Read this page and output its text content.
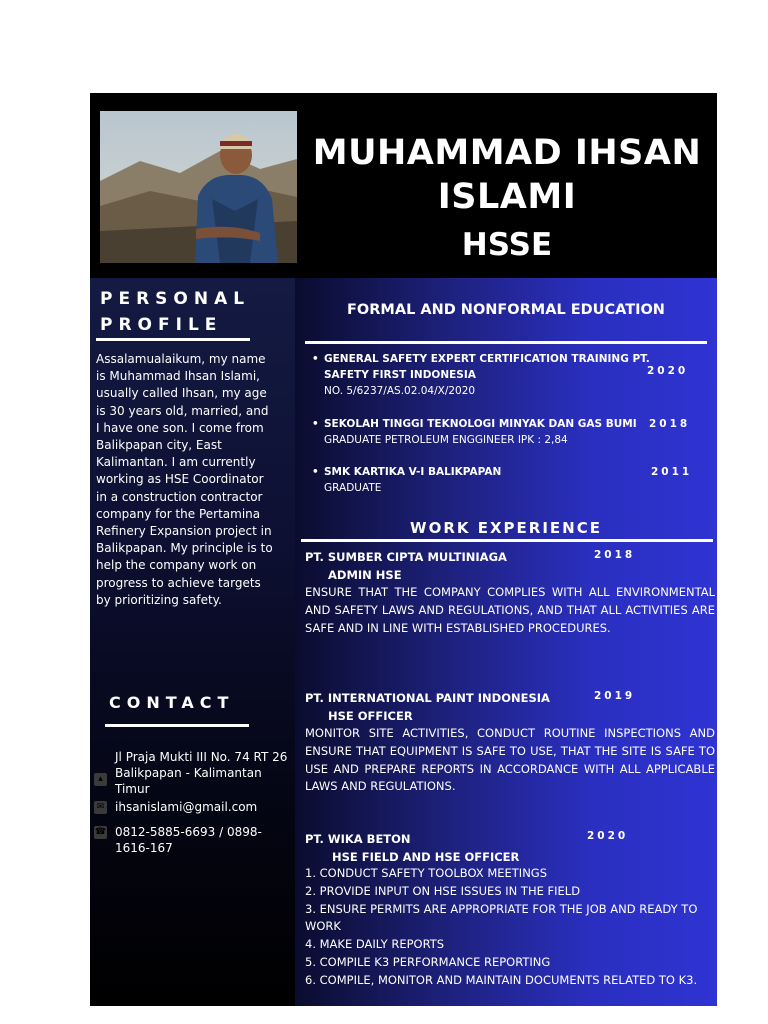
MUHAMMAD IHSAN
ISLAMI
HSSE
PERSONAL
PROFILE
Assalamualaikum, my name is Muhammad Ihsan Islami, usually called Ihsan, my age is 30 years old, married, and I have one son. I come from Balikpapan city, East Kalimantan. I am currently working as HSE Coordinator in a construction contractor company for the Pertamina Refinery Expansion project in Balikpapan. My principle is to help the company work on progress to achieve targets by prioritizing safety.
CONTACT
▴
Jl Praja Mukti III No. 74 RT 26 Balikpapan - Kalimantan Timur
✉ ihsanislami@gmail.com
☎ 0812-5885-6693 / 0898-1616-167
FORMAL AND NONFORMAL EDUCATION
• GENERAL SAFETY EXPERT CERTIFICATION TRAINING PT. SAFETY FIRST INDONESIA
NO. 5/6237/AS.02.04/X/2020
2020
• SEKOLAH TINGGI TEKNOLOGI MINYAK DAN GAS BUMI
GRADUATE PETROLEUM ENGGINEER IPK : 2,84
2018
• SMK KARTIKA V-I BALIKPAPAN
GRADUATE
2011
WORK EXPERIENCE
PT. SUMBER CIPTA MULTINIAGA	2018
ADMIN HSE
ENSURE THAT THE COMPANY COMPLIES WITH ALL ENVIRONMENTAL AND SAFETY LAWS AND REGULATIONS, AND THAT ALL ACTIVITIES ARE SAFE AND IN LINE WITH ESTABLISHED PROCEDURES.
PT. INTERNATIONAL PAINT INDONESIA	2019
HSE OFFICER
MONITOR SITE ACTIVITIES, CONDUCT ROUTINE INSPECTIONS AND ENSURE THAT EQUIPMENT IS SAFE TO USE, THAT THE SITE IS SAFE TO USE AND PREPARE REPORTS IN ACCORDANCE WITH ALL APPLICABLE LAWS AND REGULATIONS.
PT. WIKA BETON	2020
HSE FIELD AND HSE OFFICER
1. CONDUCT SAFETY TOOLBOX MEETINGS
2. PROVIDE INPUT ON HSE ISSUES IN THE FIELD
3. ENSURE PERMITS ARE APPROPRIATE FOR THE JOB AND READY TO WORK
4. MAKE DAILY REPORTS
5. COMPILE K3 PERFORMANCE REPORTING
6. COMPILE, MONITOR AND MAINTAIN DOCUMENTS RELATED TO K3.
